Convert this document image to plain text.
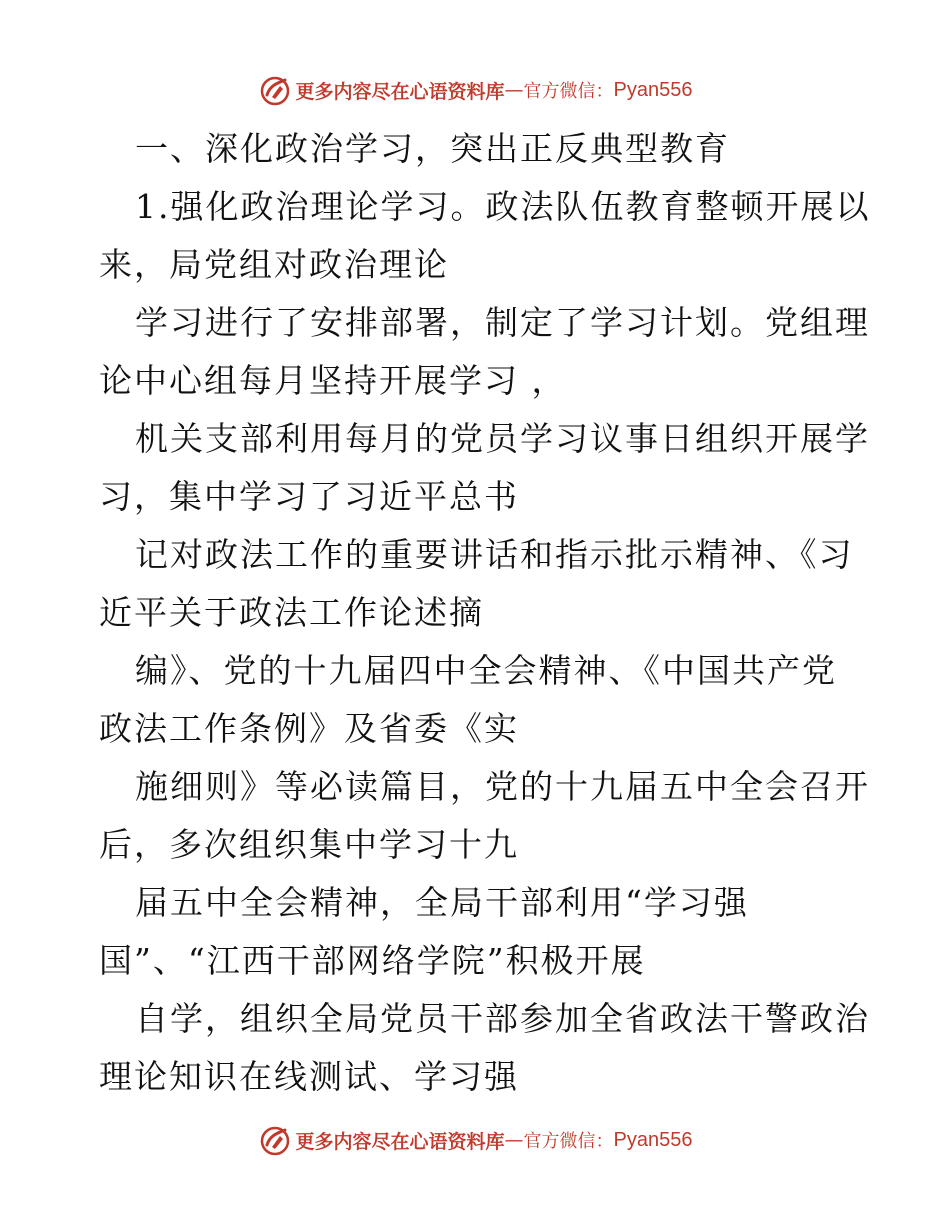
更多内容尽在心语资料库 — 官方微信： Pyan556
一、深化政治学习，突出正反典型教育
1.强化政治理论学习。政法队伍教育整顿开展以
来，局党组对政治理论
学习进行了安排部署，制定了学习计划。党组理
论中心组每月坚持开展学习 ，
机关支部利用每月的党员学习议事日组织开展学
习，集中学习了习近平总书
记对政法工作的重要讲话和指示批示精神、《习
近平关于政法工作论述摘
编》、党的十九届四中全会精神、《中国共产党
政法工作条例》及省委《实
施细则》等必读篇目，党的十九届五中全会召开
后，多次组织集中学习十九
届五中全会精神，全局干部利用“学习强
国”、“江西干部网络学院”积极开展
自学，组织全局党员干部参加全省政法干警政治
理论知识在线测试、学习强
更多内容尽在心语资料库 — 官方微信： Pyan556
